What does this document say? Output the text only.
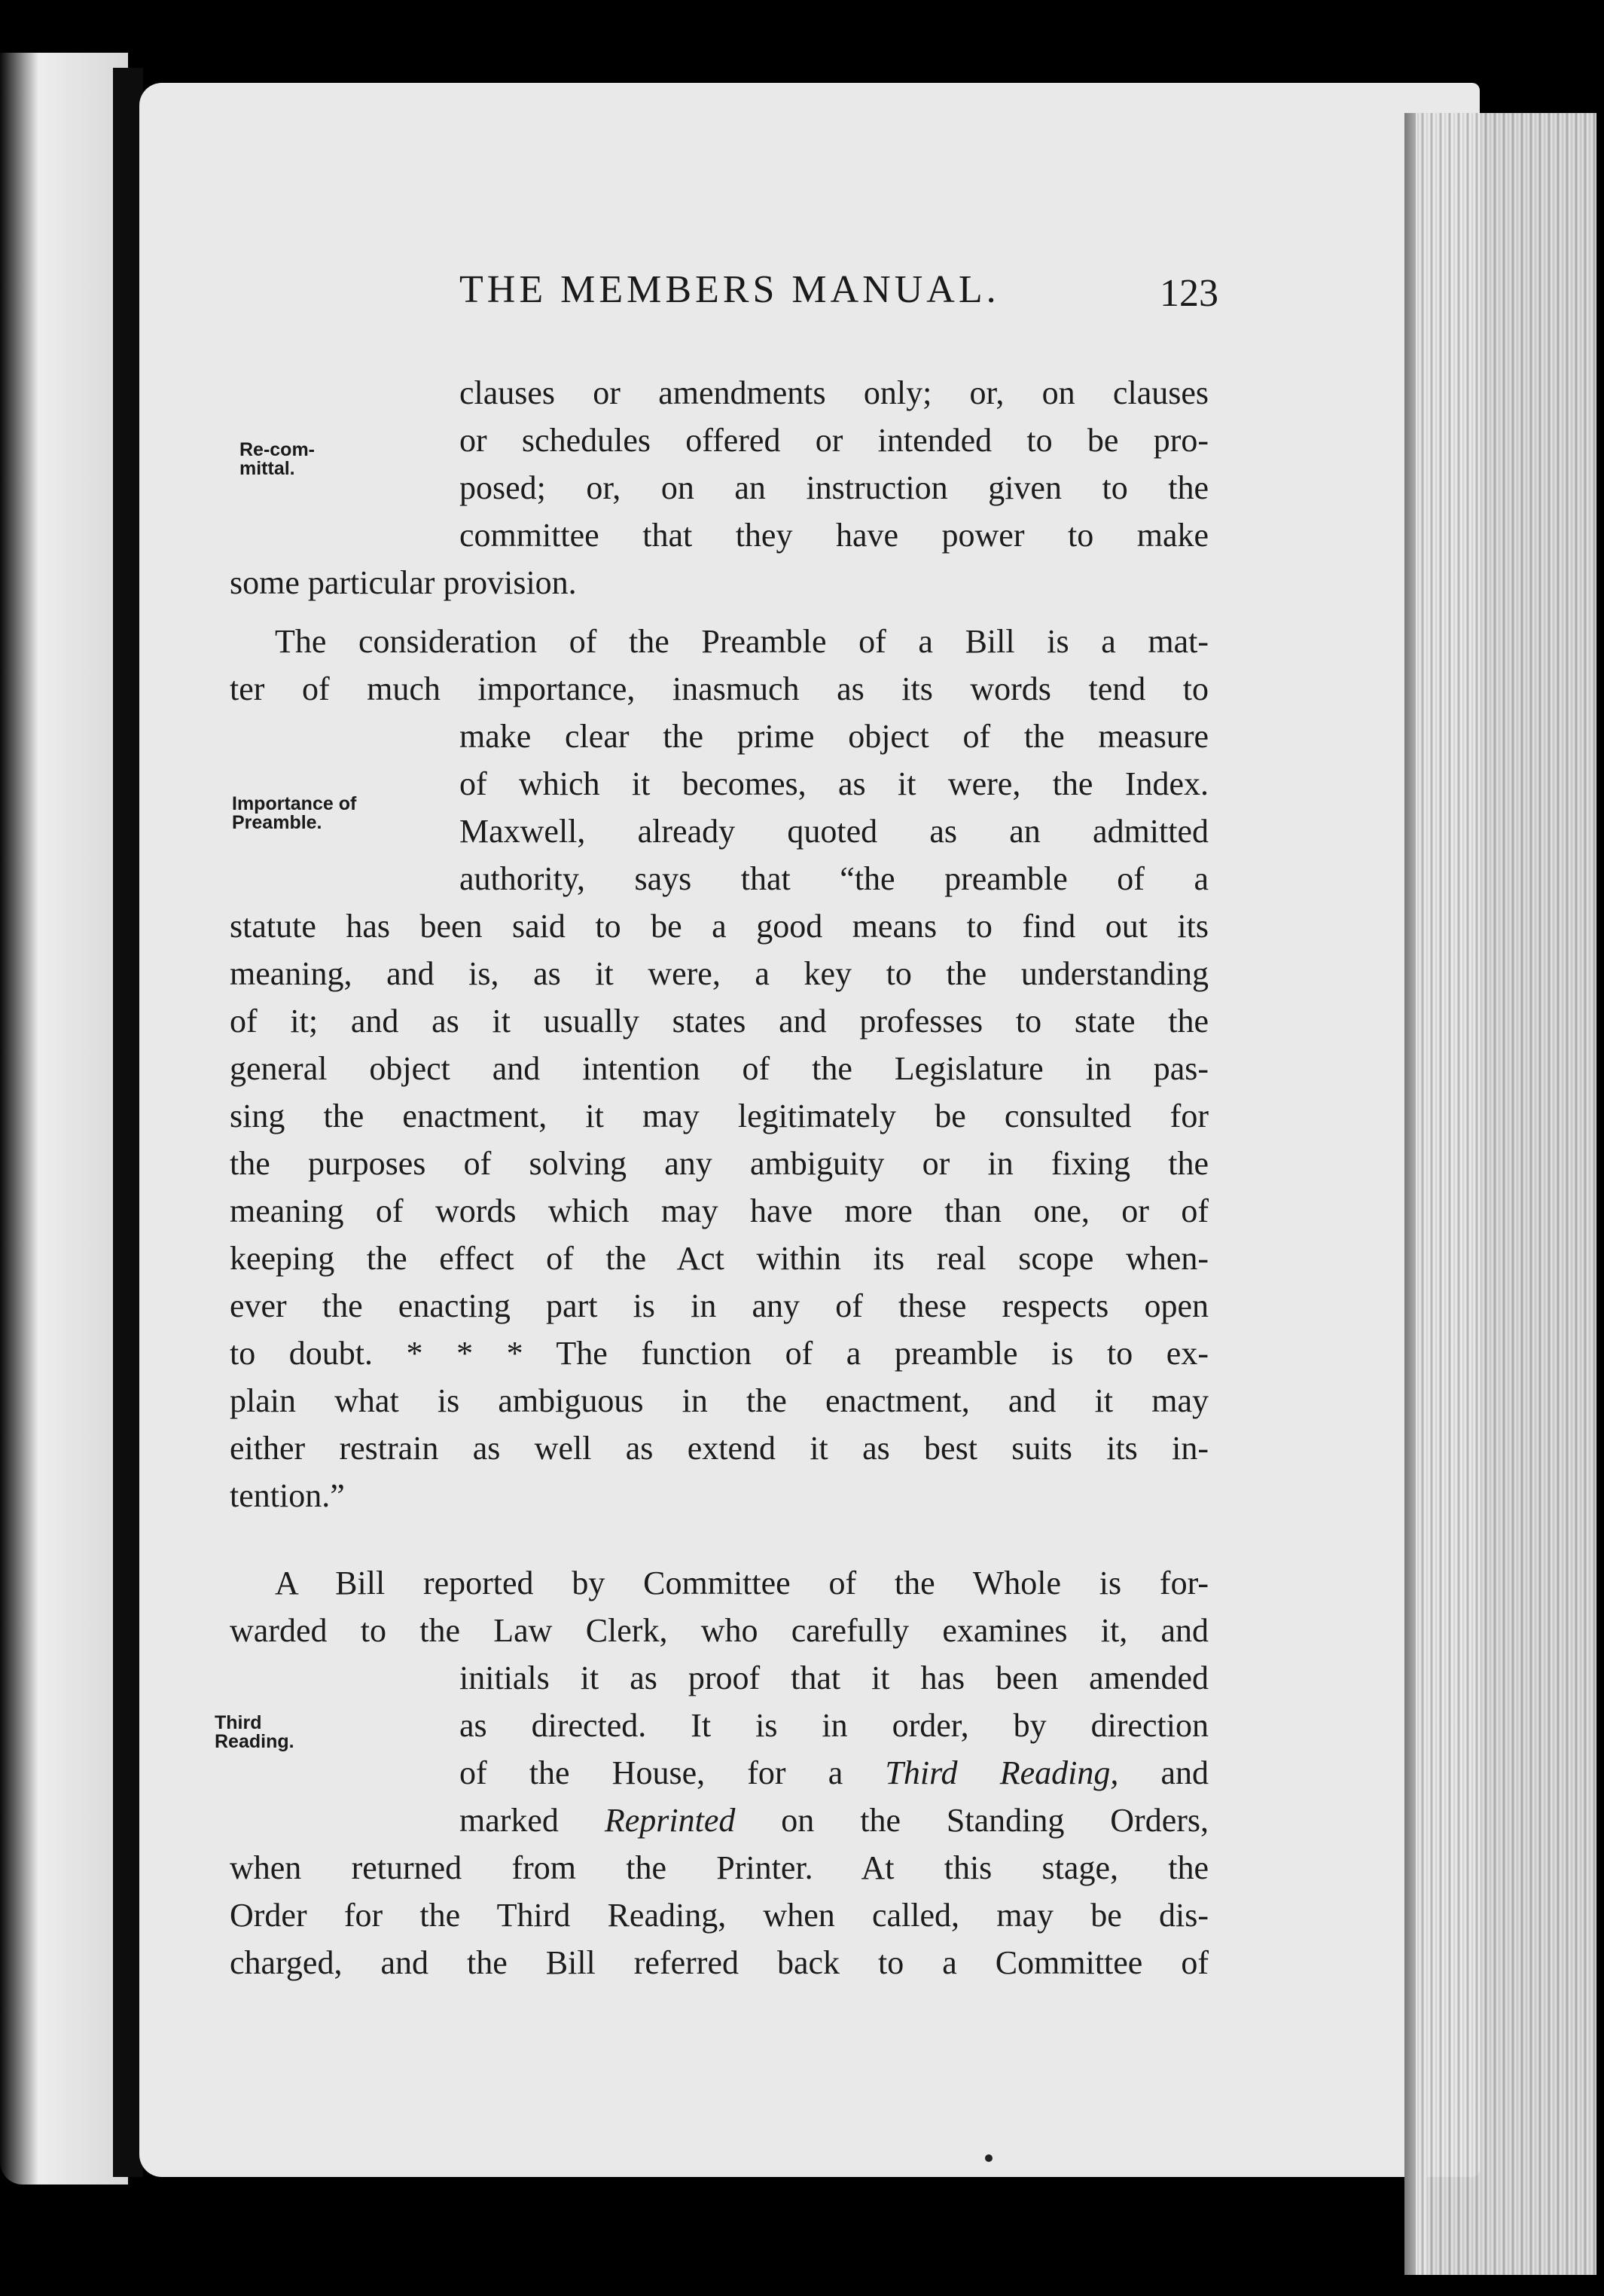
THE MEMBERS MANUAL.	123
Re-com-
mittal.
Importance of
Preamble.
Third
Reading.
clauses or amendments only; or, on clauses
or schedules offered or intended to be pro-
posed; or, on an instruction given to the
committee that they have power to make
some particular provision.
The consideration of the Preamble of a Bill is a mat-
ter of much importance, inasmuch as its words tend to
make clear the prime object of the measure
of which it becomes, as it were, the Index.
Maxwell, already quoted as an admitted
authority, says that “the preamble of a
statute has been said to be a good means to find out its
meaning, and is, as it were, a key to the understanding
of it; and as it usually states and professes to state the
general object and intention of the Legislature in pas-
sing the enactment, it may legitimately be consulted for
the purposes of solving any ambiguity or in fixing the
meaning of words which may have more than one, or of
keeping the effect of the Act within its real scope when-
ever the enacting part is in any of these respects open
to doubt. * * * The function of a preamble is to ex-
plain what is ambiguous in the enactment, and it may
either restrain as well as extend it as best suits its in-
tention.”
A Bill reported by Committee of the Whole is for-
warded to the Law Clerk, who carefully examines it, and
initials it as proof that it has been amended
as directed. It is in order, by direction
of the House, for a Third Reading, and
marked Reprinted on the Standing Orders,
when returned from the Printer. At this stage, the
Order for the Third Reading, when called, may be dis-
charged, and the Bill referred back to a Committee of
